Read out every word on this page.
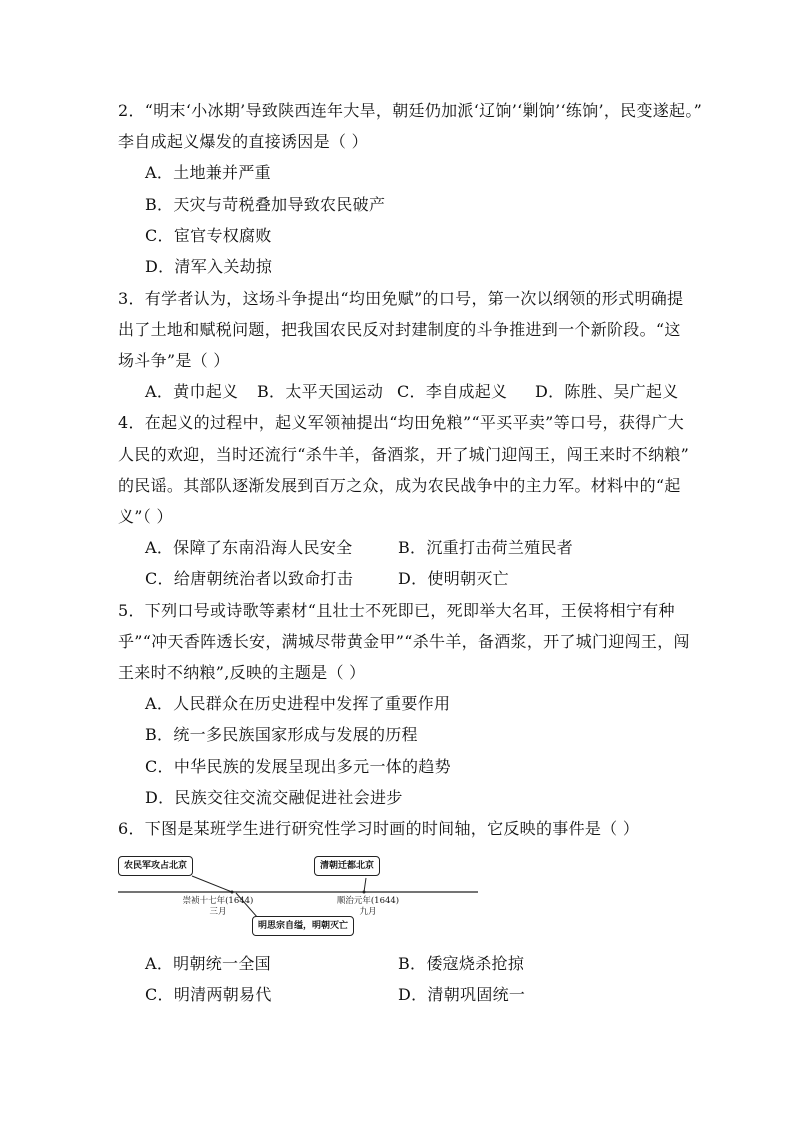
2．“明末‘小冰期’导致陕西连年大旱，朝廷仍加派‘辽饷’‘剿饷’‘练饷’，民变遂起。”
李自成起义爆发的直接诱因是（ ）
A．土地兼并严重
B．天灾与苛税叠加导致农民破产
C．宦官专权腐败
D．清军入关劫掠
3．有学者认为，这场斗争提出“均田免赋”的口号，第一次以纲领的形式明确提
出了土地和赋税问题，把我国农民反对封建制度的斗争推进到一个新阶段。“这
场斗争”是（ ）
A．黄巾起义 B．太平天国运动 C．李自成起义 D．陈胜、吴广起义
4．在起义的过程中，起义军领袖提出“均田免粮”“平买平卖”等口号，获得广大
人民的欢迎，当时还流行“杀牛羊，备酒浆，开了城门迎闯王，闯王来时不纳粮”
的民谣。其部队逐渐发展到百万之众，成为农民战争中的主力军。材料中的“起
义”（ ）
A．保障了东南沿海人民安全	B．沉重打击荷兰殖民者
C．给唐朝统治者以致命打击	D．使明朝灭亡
5．下列口号或诗歌等素材“且壮士不死即已，死即举大名耳，王侯将相宁有种
乎”“冲天香阵透长安，满城尽带黄金甲”“杀牛羊，备酒浆，开了城门迎闯王，闯
王来时不纳粮”,反映的主题是（ ）
A．人民群众在历史进程中发挥了重要作用
B．统一多民族国家形成与发展的历程
C．中华民族的发展呈现出多元一体的趋势
D．民族交往交流交融促进社会进步
6．下图是某班学生进行研究性学习时画的时间轴，它反映的事件是（ ）
农民军攻占北京	清朝迁都北京
明思宗自缢，明朝灭亡
崇祯十七年(1644)
三月
顺治元年(1644)
九月
A．明朝统一全国	B．倭寇烧杀抢掠
C．明清两朝易代	D．清朝巩固统一
